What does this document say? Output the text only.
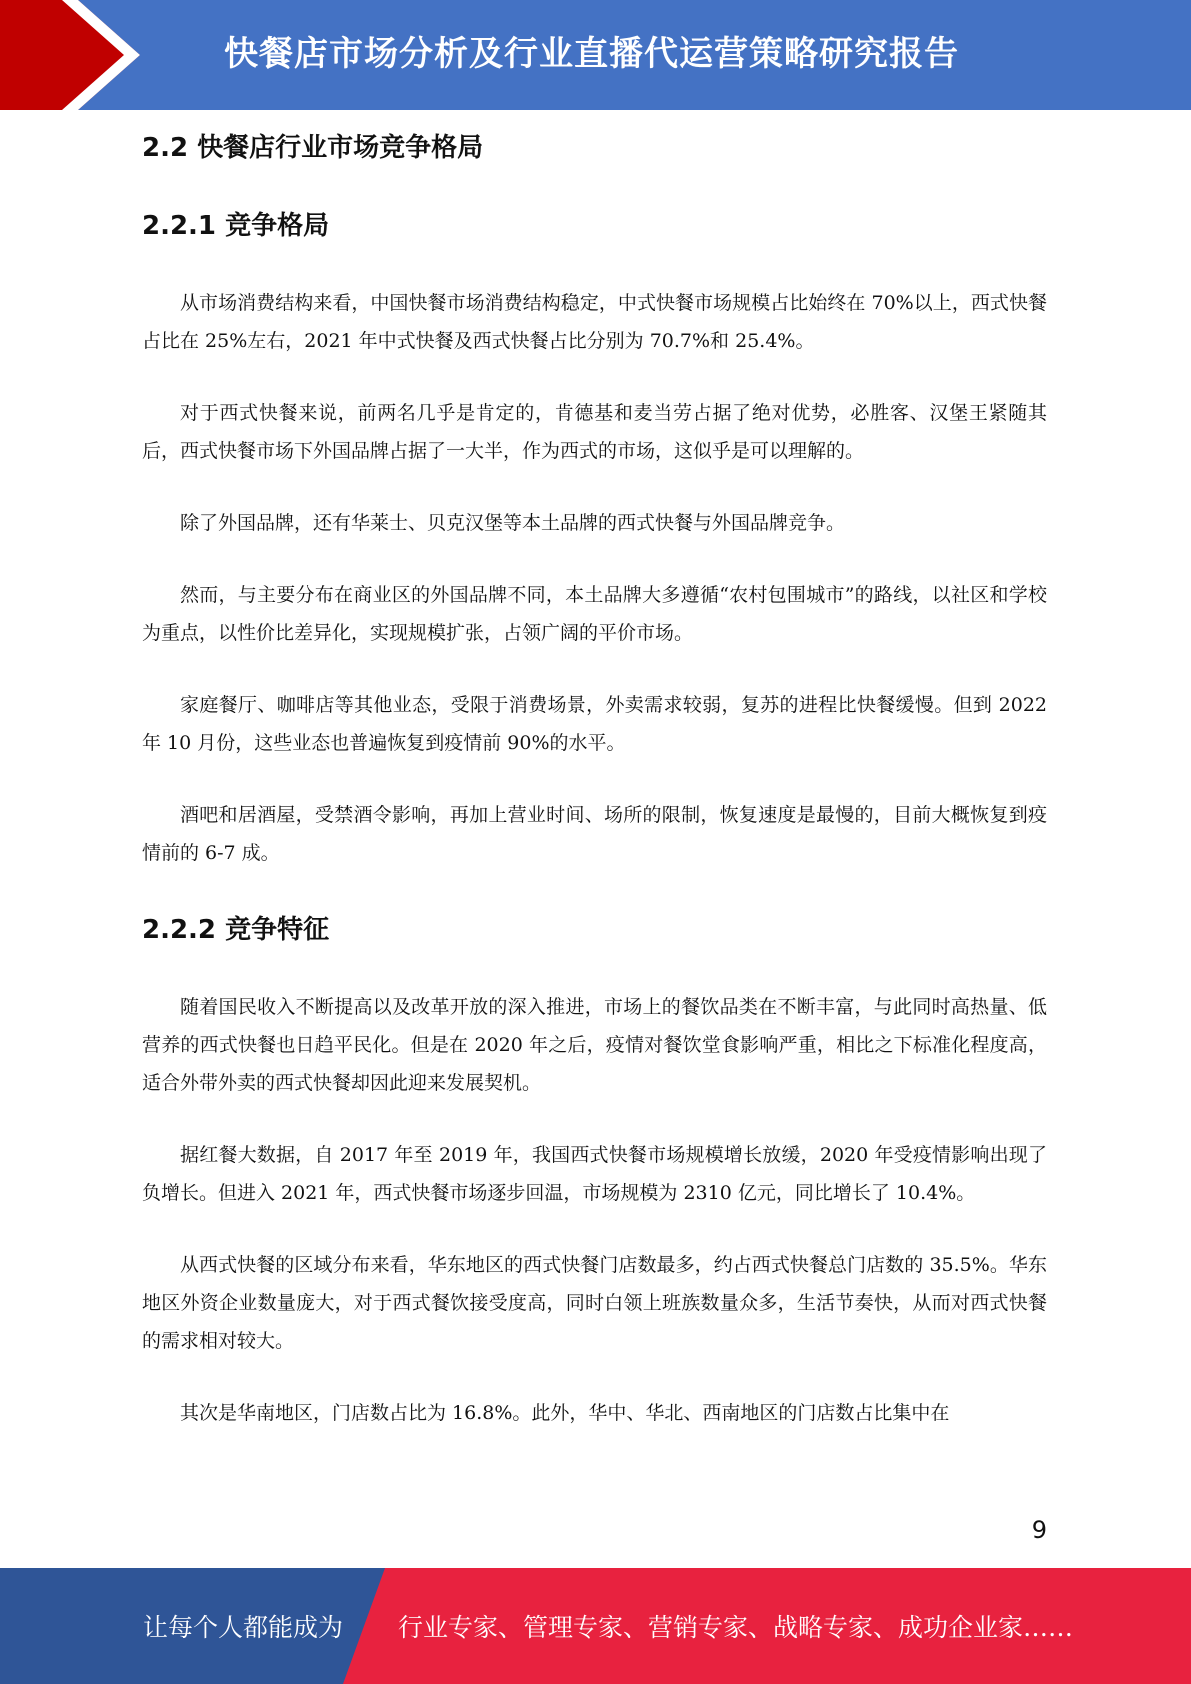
快餐店市场分析及行业直播代运营策略研究报告
2.2 快餐店行业市场竞争格局
2.2.1 竞争格局

从市场消费结构来看，中国快餐市场消费结构稳定，中式快餐市场规模占比始终在 70%以上，西式快餐占比在 25%左右，2021 年中式快餐及西式快餐占比分别为 70.7%和 25.4%。

对于西式快餐来说，前两名几乎是肯定的，肯德基和麦当劳占据了绝对优势，必胜客、汉堡王紧随其后，西式快餐市场下外国品牌占据了一大半，作为西式的市场，这似乎是可以理解的。

除了外国品牌，还有华莱士、贝克汉堡等本土品牌的西式快餐与外国品牌竞争。

然而，与主要分布在商业区的外国品牌不同，本土品牌大多遵循“农村包围城市”的路线，以社区和学校为重点，以性价比差异化，实现规模扩张，占领广阔的平价市场。

家庭餐厅、咖啡店等其他业态，受限于消费场景，外卖需求较弱，复苏的进程比快餐缓慢。但到 2022 年 10 月份，这些业态也普遍恢复到疫情前 90%的水平。

酒吧和居酒屋，受禁酒令影响，再加上营业时间、场所的限制，恢复速度是最慢的，目前大概恢复到疫情前的 6-7 成。

2.2.2 竞争特征

随着国民收入不断提高以及改革开放的深入推进，市场上的餐饮品类在不断丰富，与此同时高热量、低营养的西式快餐也日趋平民化。但是在 2020 年之后，疫情对餐饮堂食影响严重，相比之下标准化程度高，适合外带外卖的西式快餐却因此迎来发展契机。

据红餐大数据，自 2017 年至 2019 年，我国西式快餐市场规模增长放缓，2020 年受疫情影响出现了负增长。但进入 2021 年，西式快餐市场逐步回温，市场规模为 2310 亿元，同比增长了 10.4%。

从西式快餐的区域分布来看，华东地区的西式快餐门店数最多，约占西式快餐总门店数的 35.5%。华东地区外资企业数量庞大，对于西式餐饮接受度高，同时白领上班族数量众多，生活节奏快，从而对西式快餐的需求相对较大。

其次是华南地区，门店数占比为 16.8%。此外，华中、华北、西南地区的门店数占比集中在

9
让每个人都能成为 行业专家、管理专家、营销专家、战略专家、成功企业家……
